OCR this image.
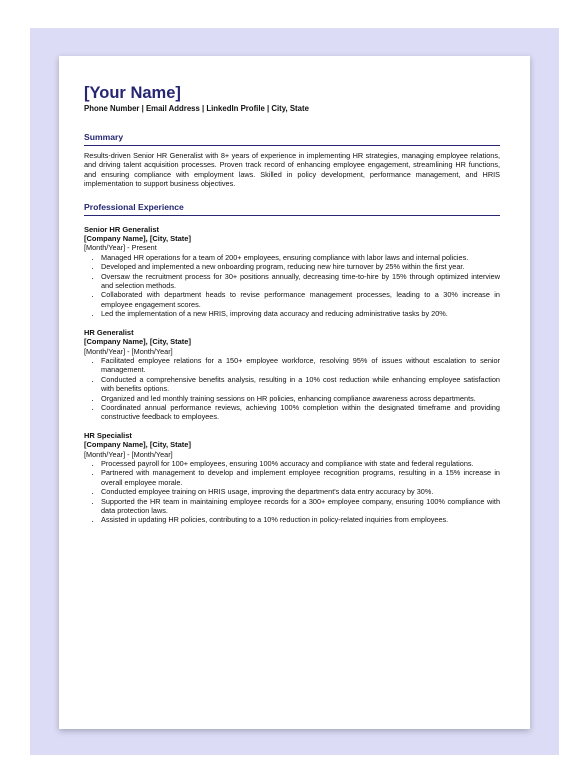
[Your Name]
Phone Number | Email Address | LinkedIn Profile | City, State
Summary
Results-driven Senior HR Generalist with 8+ years of experience in implementing HR strategies, managing employee relations, and driving talent acquisition processes. Proven track record of enhancing employee engagement, streamlining HR functions, and ensuring compliance with employment laws. Skilled in policy development, performance management, and HRIS implementation to support business objectives.
Professional Experience
Senior HR Generalist
[Company Name], [City, State]
[Month/Year] - Present
• Managed HR operations for a team of 200+ employees, ensuring compliance with labor laws and internal policies.
• Developed and implemented a new onboarding program, reducing new hire turnover by 25% within the first year.
• Oversaw the recruitment process for 30+ positions annually, decreasing time-to-hire by 15% through optimized interview and selection methods.
• Collaborated with department heads to revise performance management processes, leading to a 30% increase in employee engagement scores.
• Led the implementation of a new HRIS, improving data accuracy and reducing administrative tasks by 20%.
HR Generalist
[Company Name], [City, State]
[Month/Year] - [Month/Year]
• Facilitated employee relations for a 150+ employee workforce, resolving 95% of issues without escalation to senior management.
• Conducted a comprehensive benefits analysis, resulting in a 10% cost reduction while enhancing employee satisfaction with benefits options.
• Organized and led monthly training sessions on HR policies, enhancing compliance awareness across departments.
• Coordinated annual performance reviews, achieving 100% completion within the designated timeframe and providing constructive feedback to employees.
HR Specialist
[Company Name], [City, State]
[Month/Year] - [Month/Year]
• Processed payroll for 100+ employees, ensuring 100% accuracy and compliance with state and federal regulations.
• Partnered with management to develop and implement employee recognition programs, resulting in a 15% increase in overall employee morale.
• Conducted employee training on HRIS usage, improving the department's data entry accuracy by 30%.
• Supported the HR team in maintaining employee records for a 300+ employee company, ensuring 100% compliance with data protection laws.
• Assisted in updating HR policies, contributing to a 10% reduction in policy-related inquiries from employees.
